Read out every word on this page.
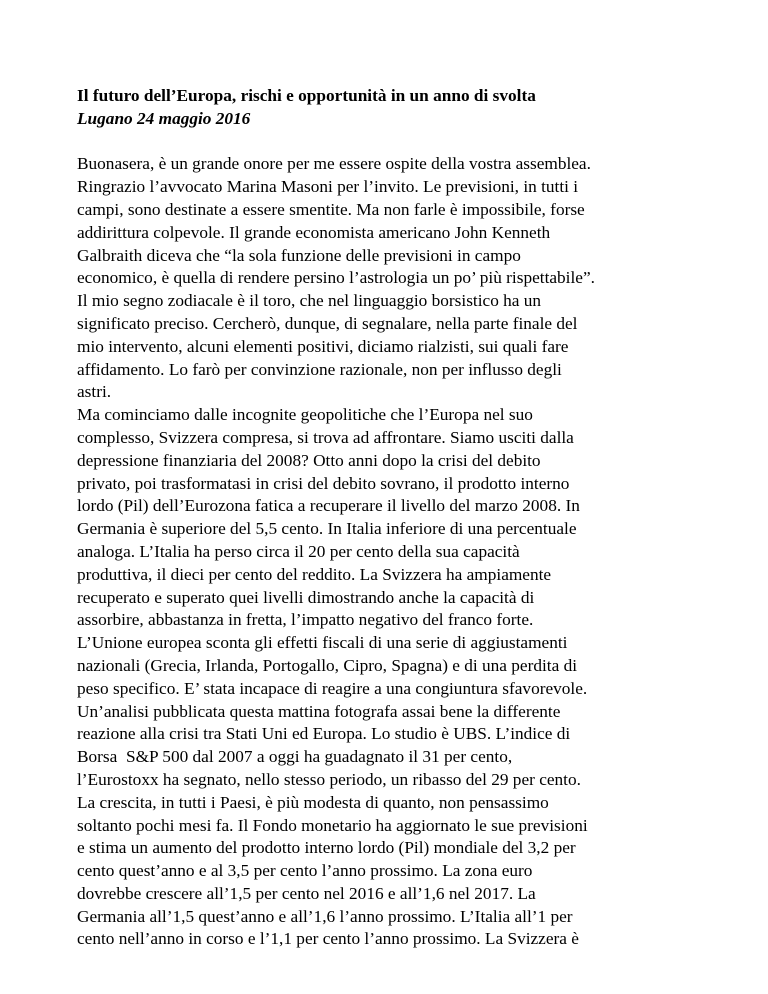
Il futuro dell’Europa, rischi e opportunità in un anno di svolta

Lugano 24 maggio 2016

Buonasera, è un grande onore per me essere ospite della vostra assemblea.
Ringrazio l’avvocato Marina Masoni per l’invito. Le previsioni, in tutti i
campi, sono destinate a essere smentite. Ma non farle è impossibile, forse
addirittura colpevole. Il grande economista americano John Kenneth
Galbraith diceva che “la sola funzione delle previsioni in campo
economico, è quella di rendere persino l’astrologia un po’ più rispettabile”.
Il mio segno zodiacale è il toro, che nel linguaggio borsistico ha un
significato preciso. Cercherò, dunque, di segnalare, nella parte finale del
mio intervento, alcuni elementi positivi, diciamo rialzisti, sui quali fare
affidamento. Lo farò per convinzione razionale, non per influsso degli
astri.

Ma cominciamo dalle incognite geopolitiche che l’Europa nel suo
complesso, Svizzera compresa, si trova ad affrontare. Siamo usciti dalla
depressione finanziaria del 2008? Otto anni dopo la crisi del debito
privato, poi trasformatasi in crisi del debito sovrano, il prodotto interno
lordo (Pil) dell’Eurozona fatica a recuperare il livello del marzo 2008. In
Germania è superiore del 5,5 cento. In Italia inferiore di una percentuale
analoga. L’Italia ha perso circa il 20 per cento della sua capacità
produttiva, il dieci per cento del reddito. La Svizzera ha ampiamente
recuperato e superato quei livelli dimostrando anche la capacità di
assorbire, abbastanza in fretta, l’impatto negativo del franco forte.
L’Unione europea sconta gli effetti fiscali di una serie di aggiustamenti
nazionali (Grecia, Irlanda, Portogallo, Cipro, Spagna) e di una perdita di
peso specifico. E’ stata incapace di reagire a una congiuntura sfavorevole.
Un’analisi pubblicata questa mattina fotografa assai bene la differente
reazione alla crisi tra Stati Uni ed Europa. Lo studio è UBS. L’indice di
Borsa  S&P 500 dal 2007 a oggi ha guadagnato il 31 per cento,
l’Eurostoxx ha segnato, nello stesso periodo, un ribasso del 29 per cento.
La crescita, in tutti i Paesi, è più modesta di quanto, non pensassimo
soltanto pochi mesi fa. Il Fondo monetario ha aggiornato le sue previsioni
e stima un aumento del prodotto interno lordo (Pil) mondiale del 3,2 per
cento quest’anno e al 3,5 per cento l’anno prossimo. La zona euro
dovrebbe crescere all’1,5 per cento nel 2016 e all’1,6 nel 2017. La
Germania all’1,5 quest’anno e all’1,6 l’anno prossimo. L’Italia all’1 per
cento nell’anno in corso e l’1,1 per cento l’anno prossimo. La Svizzera è
